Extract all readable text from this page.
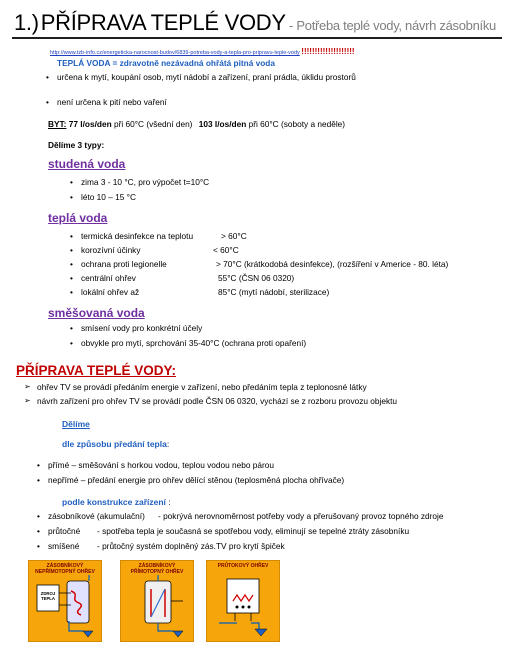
1.)PŘÍPRAVA TEPLÉ VODY - Potřeba teplé vody, návrh zásobníku
http://www.tzb-info.cz/energeticka-narocnost-budov/6839-potreba-vody-a-tepla-pro-pripravu-teple-vody !!!!!!!!!!!!!!!!!!!!
TEPLÁ VODA = zdravotně nezávadná ohřátá pitná voda
• určena k mytí, koupání osob, mytí nádobí a zařízení, praní prádla, úklidu prostorů
• není určena k pití nebo vaření
BYT: 77 l/os/den při 60°C (všední den) 103 l/os/den při 60°C (soboty a neděle)
Dělíme 3 typy:
studená voda
• zima 3 - 10 °C, pro výpočet t=10°C
• léto 10 – 15 °C
teplá voda
• termická desinfekce na teplotu	> 60°C
• korozívní účinky	< 60°C
• ochrana proti legionelle	> 70°C (krátkodobá desinfekce), (rozšíření v Americe - 80. léta)
• centrální ohřev	55°C (ČSN 06 0320)
• lokální ohřev až	85°C (mytí nádobí, sterilizace)
směšovaná voda
• smísení vody pro konkrétní účely
• obvykle pro mytí, sprchování 35-40°C (ochrana proti opaření)
PŘÍPRAVA TEPLÉ VODY:
➢ ohřev TV se provádí předáním energie v zařízení, nebo předáním tepla z teplonosné látky
➢ návrh zařízení pro ohřev TV se provádí podle ČSN 06 0320, vychází se z rozboru provozu objektu
Dělíme
dle způsobu předání tepla:
• přímé – směšování s horkou vodou, teplou vodou nebo párou
• nepřímé – předání energie pro ohřev dělící stěnou (teplosměná plocha ohřívače)
podle konstrukce zařízení :
• zásobníkové (akumulační) - pokrývá nerovnoměrnost potřeby vody a přerušovaný provoz topného zdroje
• průtočné - spotřeba tepla je současná se spotřebou vody, eliminují se tepelné ztráty zásobníku
• smíšené - průtočný systém doplněný zás.TV pro krytí špiček
ZÁSOBNÍKOVÝ
NEPŘÍMOTOPNÝ OHŘEV
ZDROJ
TEPLA
ZÁSOBNÍKOVÝ
PŘÍMOTOPNÝ OHŘEV
PRŮTOKOVÝ OHŘEV
